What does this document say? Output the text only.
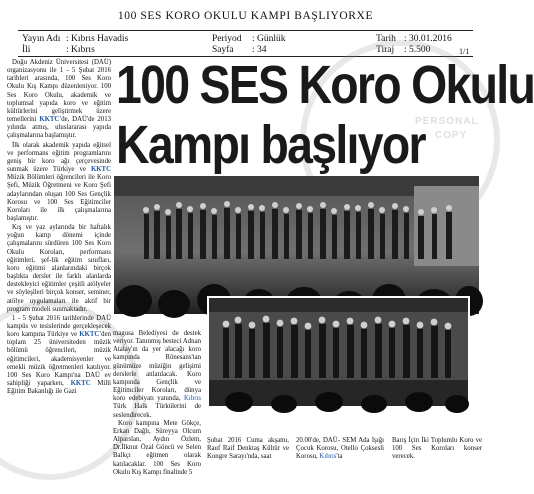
100 SES KORO OKULU KAMPI BAŞLIYORXE
Yayın Adı : Kıbrıs Havadis
İli	: Kıbrıs
Periyod : Günlük
Sayfa : 34
Tarih : 30.01.2016
Tiraj : 5.500	1/1
PERSONAL
COPY

Doğu Akdeniz Üniversitesi (DAÜ) organizasyonu ile 1 - 5 Şubat 2016 tarihleri arasında, 100 Ses Koro Okulu Kış Kampı düzenleniyor. 100 Ses Koro Okulu, akademik ve toplumsal yapıda koro ve eğitim kültürlerini geliştirmek üzere temellerini KKTC'de, DAÜ'de 2013 yılında atmış, uluslararası yapıda çalışmalarına başlamıştır.

İlk olarak akademik yapıda eğitsel ve performans eğitim programlarını geniş bir koro ağı çerçevesinde sunmak üzere Türkiye ve KKTC Müzik Bölümleri öğrencileri ile Koro Şefi, Müzik Öğretmeni ve Koro Şefi adaylarından oluşan 100 Ses Gençlik Korosu ve 100 Ses Eğitimciler Koroları ile ilk çalışmalarına başlamıştır.

Kış ve yaz aylarında bir haftalık yoğun kamp dönemi içinde çalışmalarını sürdüren 100 Ses Koro Okulu Koroları, performans eğitimleri, şef-lik eğitim sınıfları, koro eğitimi alanlarındaki birçok başlıkta dersler ile farklı alanlarda destekleyici eğitimler çeşitli atölyeler ve söyleşileri birçok konser, seminer, atölye uygulamaları ile aktif bir program modeli sunmaktadır.

1 - 5 Şubat 2016 tarihlerinde DAÜ kampüs ve tesislerinde gerçekleşecek koro kampına Türkiye ve KKTC'den toplam 25 üniversiteden müzik bölümü öğrencileri, müzik eğitimcileri, akademisyenler ve emekli müzik öğretmenleri katılıyor. 100 Ses Koro Kampı'na DAÜ ev sahipliği yaparken, KKTC Milli Eğitim Bakanlığı ile Gazi

100 SES Koro Okulu
Kampı başlıyor

magusa Belediyesi de destek veriyor. Tanınmış besteci Adnan Atalay'ın da yer alacağı koro kampında Rönesans'tan günümüze müziğin gelişimi derslerle anlatılacak. Koro kampında Gençlik ve Eğitimciler Koroları, dünya koro edebiyatı yanında, Kıbrıs Türk Halk Türkülerini de seslendirecek.

Koro kampına Mete Gökçe, Erkan Dağlı, Süreyya Olcum Alparslan, Aydın Özlem, Dr.İlknur Özal Göncü ve Selen Balkçı eğitmen olarak katılacaklar. 100 Ses Koro Okulu Kış Kampı finalinde 5

Şubat 2016 Cuma akşamı, Rauf Raif Denktaş Kültür ve Kongre Sarayı'nda, saat
20.00'de, DAÜ- SEM Ada Işığı Çocuk Korosu, Otello Çoksesli Korosu, Kıbrıs'ta
Barış İçin İki Toplumlu Koro ve 100 Ses Koroları konser verecek.
